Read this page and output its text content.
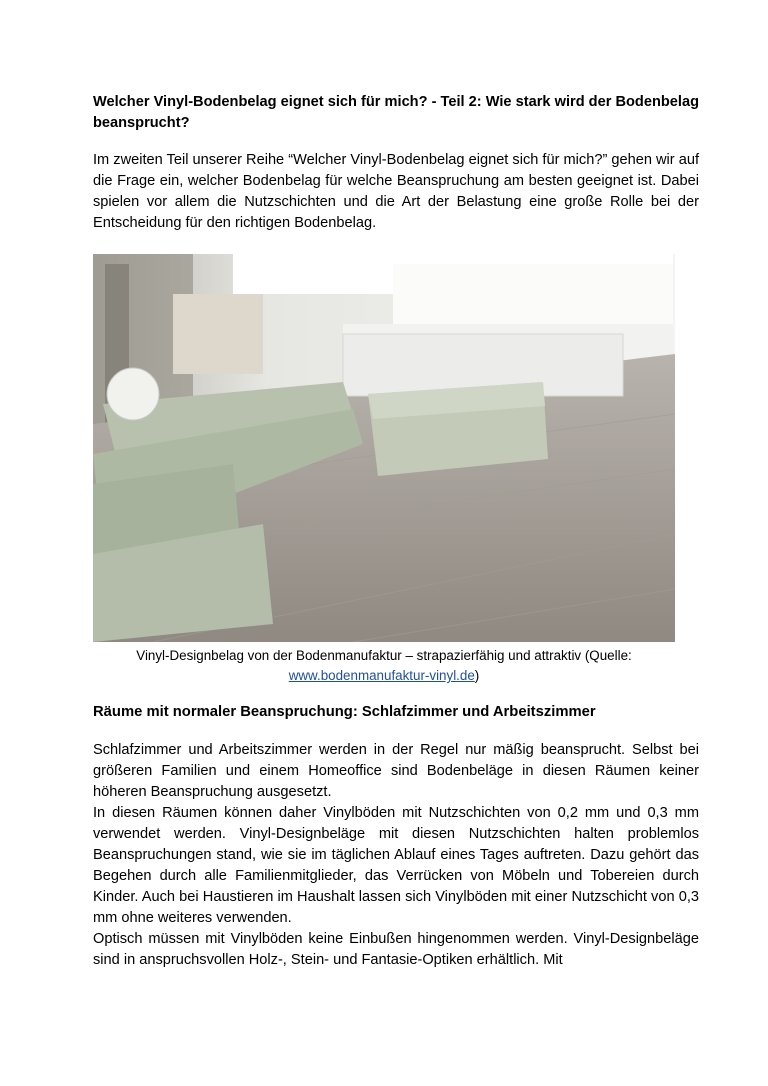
Welcher Vinyl-Bodenbelag eignet sich für mich? - Teil 2: Wie stark wird der Bodenbelag beansprucht?
Im zweiten Teil unserer Reihe “Welcher Vinyl-Bodenbelag eignet sich für mich?” gehen wir auf die Frage ein, welcher Bodenbelag für welche Beanspruchung am besten geeignet ist. Dabei spielen vor allem die Nutzschichten und die Art der Belastung eine große Rolle bei der Entscheidung für den richtigen Bodenbelag.
Vinyl-Designbelag von der Bodenmanufaktur – strapazierfähig und attraktiv (Quelle:
www.bodenmanufaktur-vinyl.de)
Räume mit normaler Beanspruchung: Schlafzimmer und Arbeitszimmer

Schlafzimmer und Arbeitszimmer werden in der Regel nur mäßig beansprucht. Selbst bei größeren Familien und einem Homeoffice sind Bodenbeläge in diesen Räumen keiner höheren Beanspruchung ausgesetzt.

In diesen Räumen können daher Vinylböden mit Nutzschichten von 0,2 mm und 0,3 mm verwendet werden. Vinyl-Designbeläge mit diesen Nutzschichten halten problemlos Beanspruchungen stand, wie sie im täglichen Ablauf eines Tages auftreten. Dazu gehört das Begehen durch alle Familienmitglieder, das Verrücken von Möbeln und Tobereien durch Kinder. Auch bei Haustieren im Haushalt lassen sich Vinylböden mit einer Nutzschicht von 0,3 mm ohne weiteres verwenden.

Optisch müssen mit Vinylböden keine Einbußen hingenommen werden. Vinyl-Designbeläge sind in anspruchsvollen Holz-, Stein- und Fantasie-Optiken erhältlich. Mit
